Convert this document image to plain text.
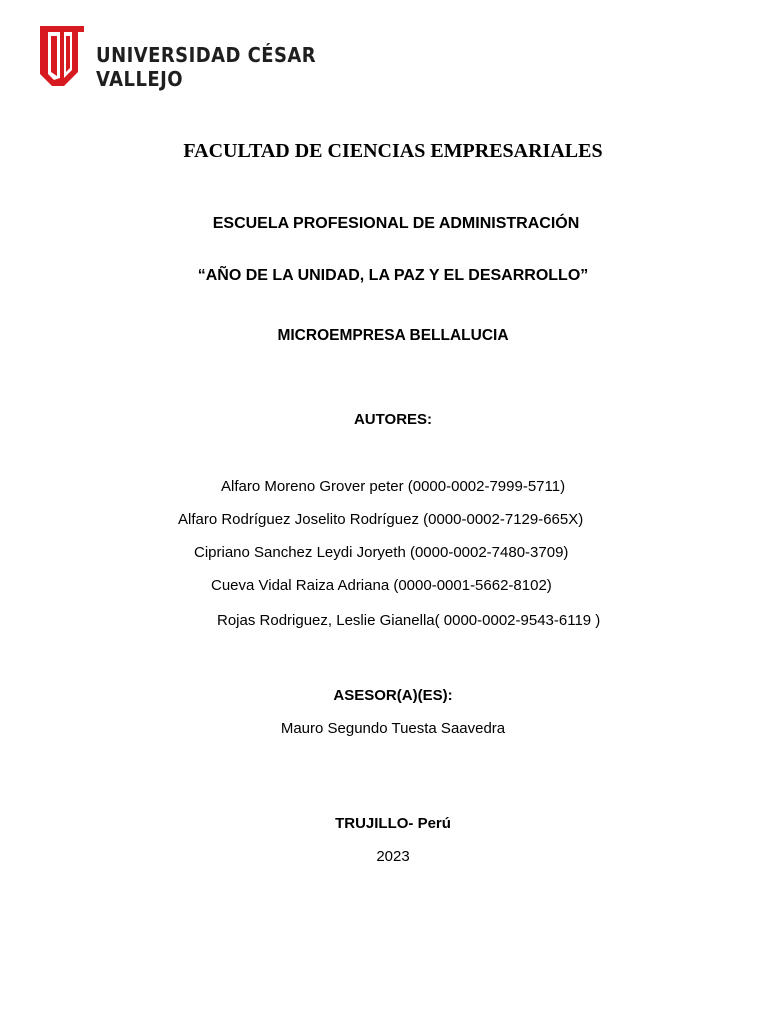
UNIVERSIDAD CÉSAR VALLEJO
FACULTAD DE CIENCIAS EMPRESARIALES
ESCUELA PROFESIONAL DE ADMINISTRACIÓN
“AÑO DE LA UNIDAD, LA PAZ Y EL DESARROLLO”
MICROEMPRESA BELLALUCIA
AUTORES:
Alfaro Moreno Grover peter (0000-0002-7999-5711)
Alfaro Rodríguez Joselito Rodríguez (0000-0002-7129-665X)
Cipriano Sanchez Leydi Joryeth (0000-0002-7480-3709)
Cueva Vidal Raiza Adriana (0000-0001-5662-8102)
Rojas Rodriguez, Leslie Gianella( 0000-0002-9543-6119 )
ASESOR(A)(ES):
Mauro Segundo Tuesta Saavedra
TRUJILLO- Perú
2023
